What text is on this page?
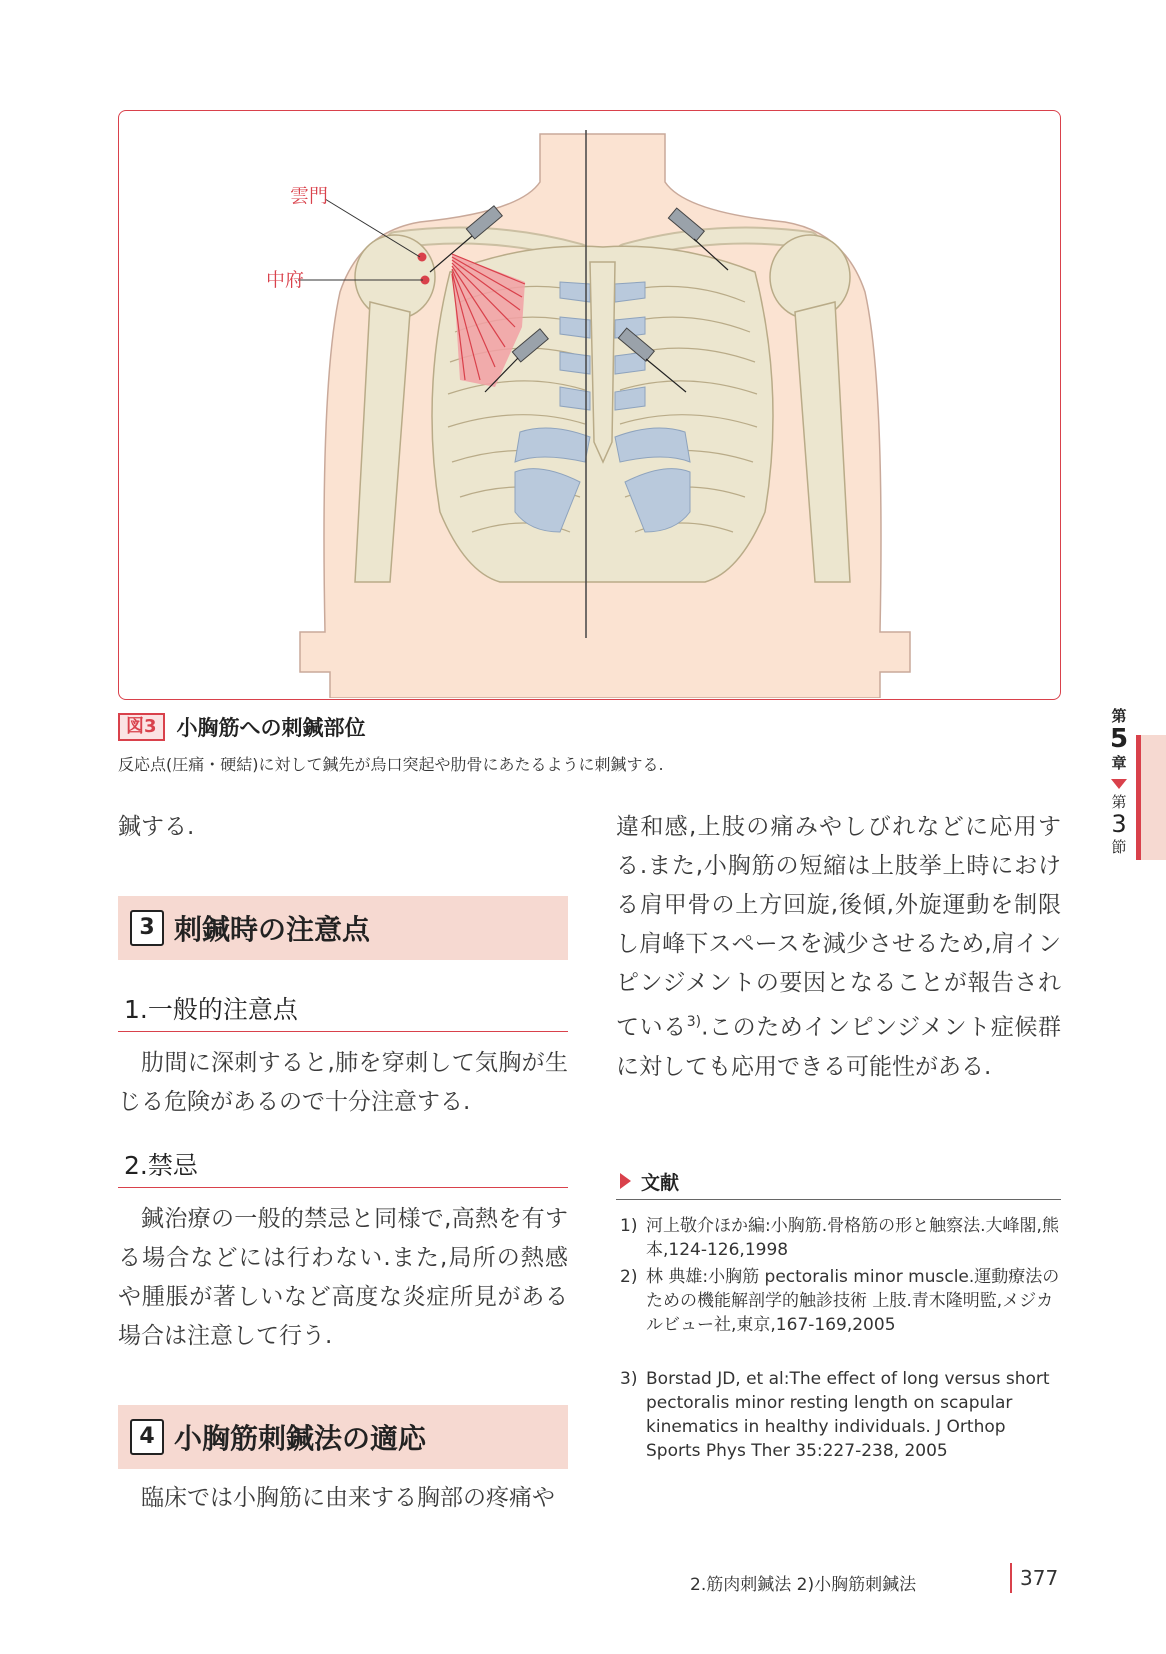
雲門
中府
図3 小胸筋への刺鍼部位
反応点(圧痛・硬結)に対して鍼先が烏口突起や肋骨にあたるように刺鍼する.
鍼する.
3 刺鍼時の注意点
1.一般的注意点
肋間に深刺すると,肺を穿刺して気胸が生じる危険があるので十分注意する.
2.禁忌
鍼治療の一般的禁忌と同様で,高熱を有する場合などには行わない.また,局所の熱感や腫脹が著しいなど高度な炎症所見がある場合は注意して行う.
4 小胸筋刺鍼法の適応
臨床では小胸筋に由来する胸部の疼痛や
違和感,上肢の痛みやしびれなどに応用する.また,小胸筋の短縮は上肢挙上時における肩甲骨の上方回旋,後傾,外旋運動を制限し肩峰下スペースを減少させるため,肩インピンジメントの要因となることが報告されている$^{3)}$.このためインピンジメント症候群に対しても応用できる可能性がある.
文献
1) 河上敬介ほか編:小胸筋.骨格筋の形と触察法.大峰閣,熊本,124-126,1998
2) 林 典雄:小胸筋 pectoralis minor muscle.運動療法のための機能解剖学的触診技術 上肢.青木隆明監,メジカルビュー社,東京,167-169,2005
3) Borstad JD, et al:The effect of long versus short pectoralis minor resting length on scapular kinematics in healthy individuals. J Orthop Sports Phys Ther 35:227-238, 2005
第
5
章
第
3
節
2.筋肉刺鍼法 2)小胸筋刺鍼法	377
